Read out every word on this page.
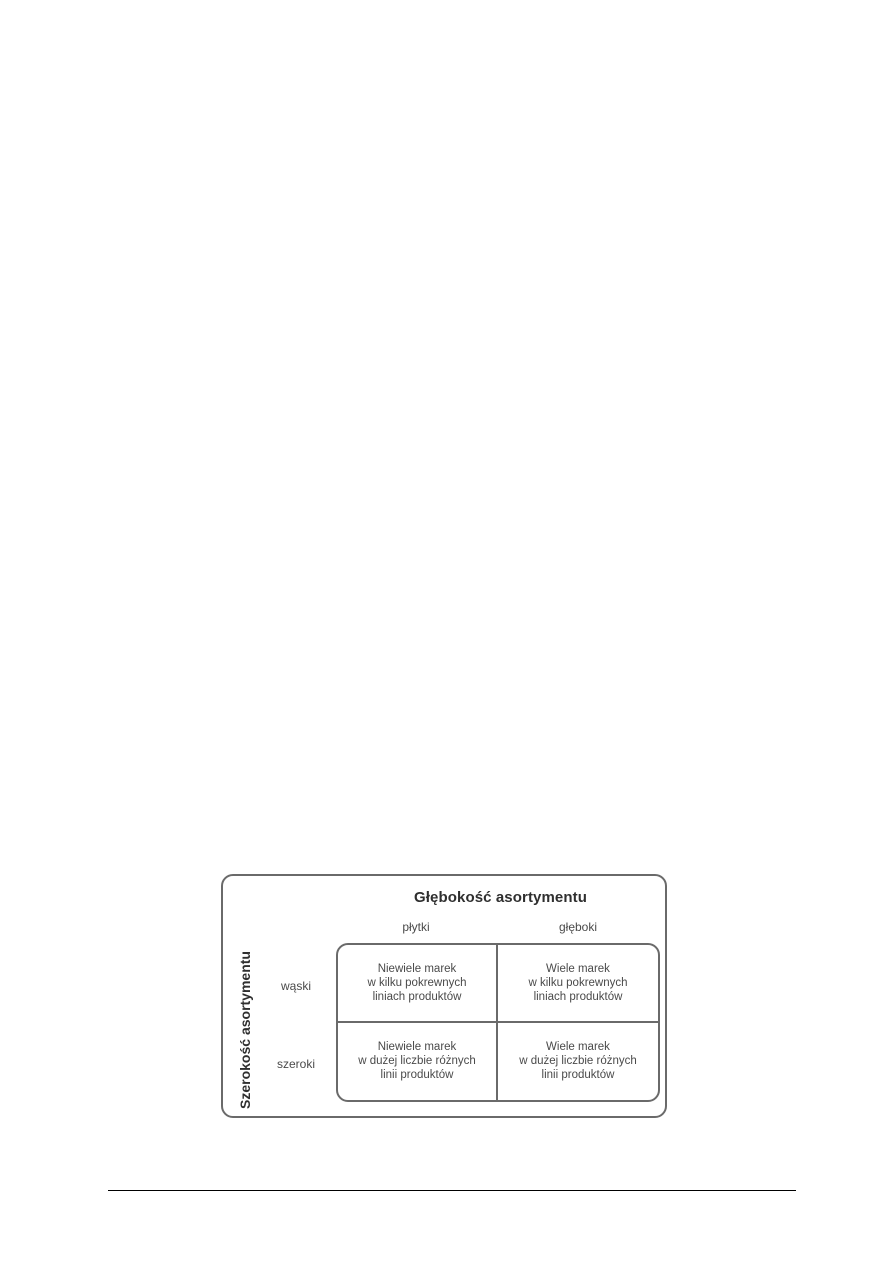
Głębokość asortymentu
płytki	głęboki
Szerokość asortymentu wąski
szeroki
Niewiele marek
w kilku pokrewnych
liniach produktów
Wiele marek
w kilku pokrewnych
liniach produktów
Niewiele marek
w dużej liczbie różnych
linii produktów
Wiele marek
w dużej liczbie różnych
linii produktów
